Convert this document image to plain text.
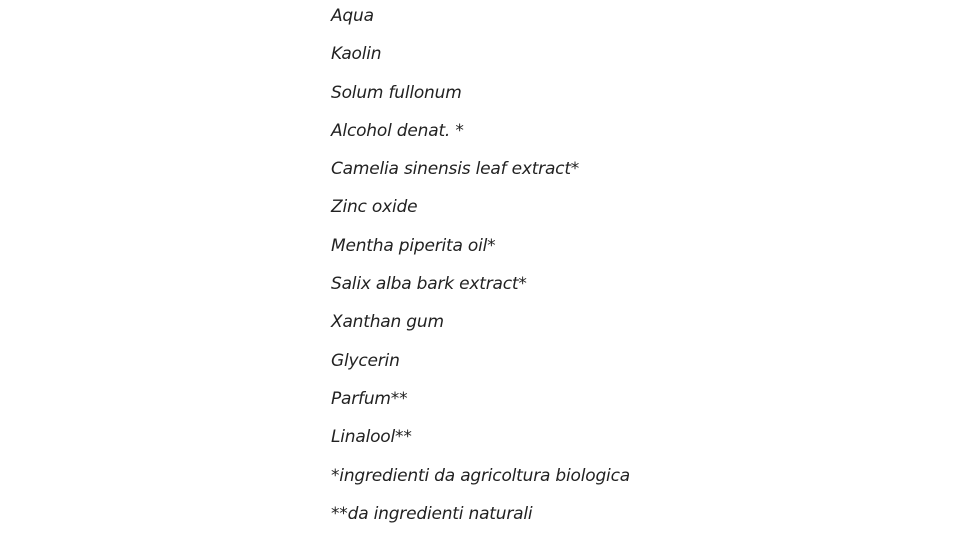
Aqua
Kaolin
Solum fullonum
Alcohol denat. *
Camelia sinensis leaf extract*
Zinc oxide
Mentha piperita oil*
Salix alba bark extract*
Xanthan gum
Glycerin
Parfum**
Linalool**
*ingredienti da agricoltura biologica
**da ingredienti naturali
